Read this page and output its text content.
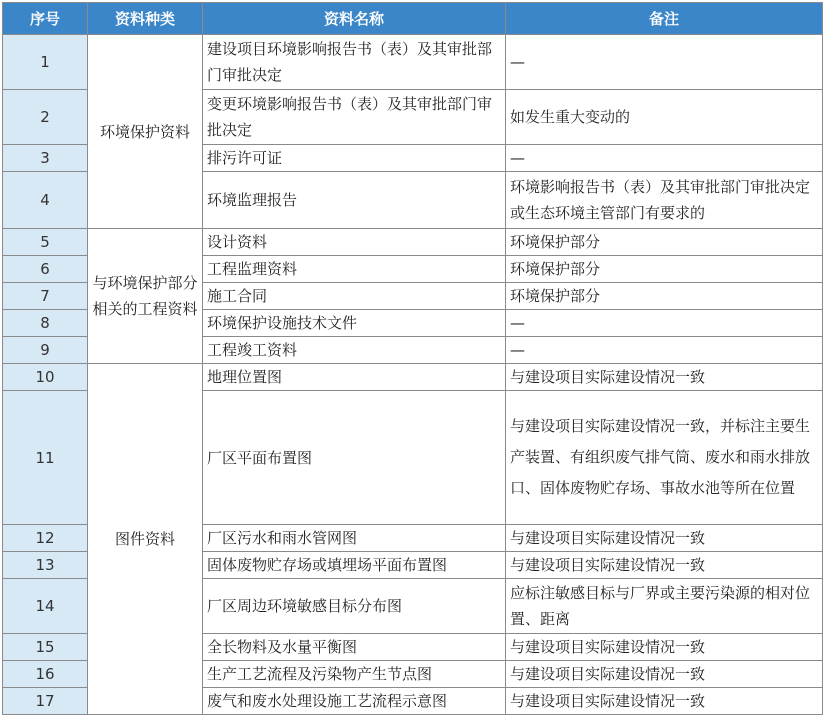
序号	资料种类	资料名称	备注
1	环境保护资料	建设项目环境影响报告书（表）及其审批部门审批决定	—
2		变更环境影响报告书（表）及其审批部门审批决定	如发生重大变动的
3		排污许可证	—
4		环境监理报告	环境影响报告书（表）及其审批部门审批决定或生态环境主管部门有要求的
5	与环境保护部分相关的工程资料	设计资料	环境保护部分
6		工程监理资料	环境保护部分
7		施工合同	环境保护部分
8		环境保护设施技术文件	—
9		工程竣工资料	—
10	图件资料	地理位置图	与建设项目实际建设情况一致
11		厂区平面布置图	与建设项目实际建设情况一致，并标注主要生产装置、有组织废气排气筒、废水和雨水排放口、固体废物贮存场、事故水池等所在位置
12		厂区污水和雨水管网图	与建设项目实际建设情况一致
13		固体废物贮存场或填埋场平面布置图	与建设项目实际建设情况一致
14		厂区周边环境敏感目标分布图	应标注敏感目标与厂界或主要污染源的相对位置、距离
15		全长物料及水量平衡图	与建设项目实际建设情况一致
16		生产工艺流程及污染物产生节点图	与建设项目实际建设情况一致
17		废气和废水处理设施工艺流程示意图	与建设项目实际建设情况一致
